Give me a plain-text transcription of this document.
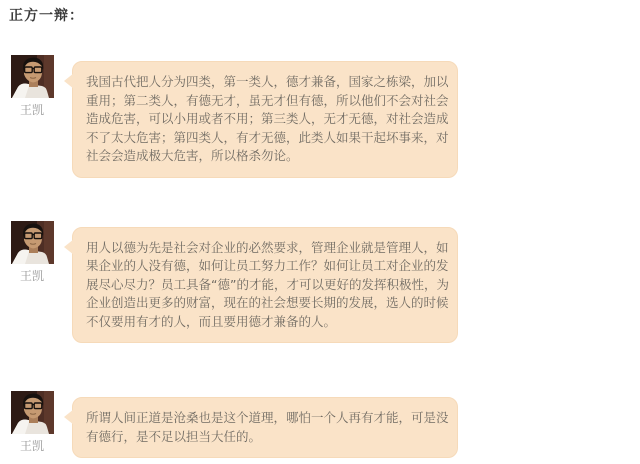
正方一辩：
王凯

我国古代把人分为四类，第一类人，德才兼备，国家之栋梁，加以重用；第二类人，有德无才，虽无才但有德，所以他们不会对社会造成危害，可以小用或者不用；第三类人，无才无德，对社会造成不了太大危害；第四类人，有才无德，此类人如果干起坏事来，对社会会造成极大危害，所以格杀勿论。

王凯

用人以德为先是社会对企业的必然要求，管理企业就是管理人，如果企业的人没有德，如何让员工努力工作？如何让员工对企业的发展尽心尽力？员工具备“德”的才能，才可以更好的发挥积极性，为企业创造出更多的财富，现在的社会想要长期的发展，选人的时候不仅要用有才的人，而且要用德才兼备的人。

王凯

所谓人间正道是沧桑也是这个道理，哪怕一个人再有才能，可是没有德行，是不足以担当大任的。
